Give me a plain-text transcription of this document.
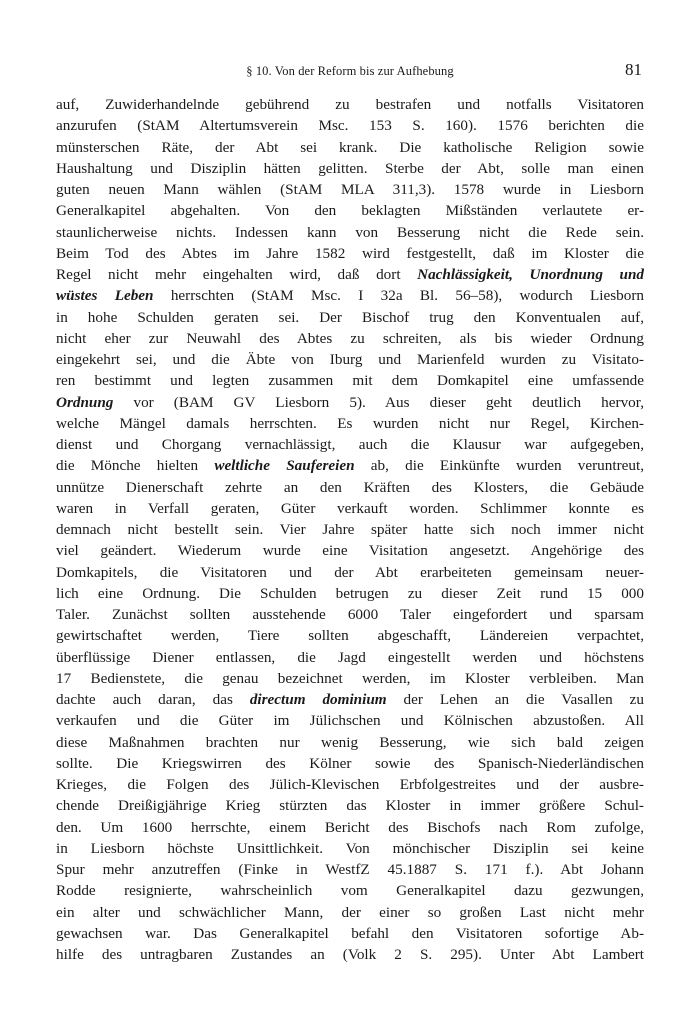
§ 10. Von der Reform bis zur Aufhebung	81
auf, Zuwiderhandelnde gebührend zu bestrafen und notfalls Visitatoren
anzurufen (StAM Altertumsverein Msc. 153 S. 160). 1576 berichten die
münsterschen Räte, der Abt sei krank. Die katholische Religion sowie
Haushaltung und Disziplin hätten gelitten. Sterbe der Abt, solle man einen
guten neuen Mann wählen (StAM MLA 311,3). 1578 wurde in Liesborn
Generalkapitel abgehalten. Von den beklagten Mißständen verlautete er-
staunlicherweise nichts. Indessen kann von Besserung nicht die Rede sein.
Beim Tod des Abtes im Jahre 1582 wird festgestellt, daß im Kloster die
Regel nicht mehr eingehalten wird, daß dort Nachlässigkeit, Unordnung und
wüstes Leben herrschten (StAM Msc. I 32a Bl. 56–58), wodurch Liesborn
in hohe Schulden geraten sei. Der Bischof trug den Konventualen auf,
nicht eher zur Neuwahl des Abtes zu schreiten, als bis wieder Ordnung
eingekehrt sei, und die Äbte von Iburg und Marienfeld wurden zu Visitato-
ren bestimmt und legten zusammen mit dem Domkapitel eine umfassende
Ordnung vor (BAM GV Liesborn 5). Aus dieser geht deutlich hervor,
welche Mängel damals herrschten. Es wurden nicht nur Regel, Kirchen-
dienst und Chorgang vernachlässigt, auch die Klausur war aufgegeben,
die Mönche hielten weltliche Saufereien ab, die Einkünfte wurden veruntreut,
unnütze Dienerschaft zehrte an den Kräften des Klosters, die Gebäude
waren in Verfall geraten, Güter verkauft worden. Schlimmer konnte es
demnach nicht bestellt sein. Vier Jahre später hatte sich noch immer nicht
viel geändert. Wiederum wurde eine Visitation angesetzt. Angehörige des
Domkapitels, die Visitatoren und der Abt erarbeiteten gemeinsam neuer-
lich eine Ordnung. Die Schulden betrugen zu dieser Zeit rund 15 000
Taler. Zunächst sollten ausstehende 6000 Taler eingefordert und sparsam
gewirtschaftet werden, Tiere sollten abgeschafft, Ländereien verpachtet,
überflüssige Diener entlassen, die Jagd eingestellt werden und höchstens
17 Bedienstete, die genau bezeichnet werden, im Kloster verbleiben. Man
dachte auch daran, das directum dominium der Lehen an die Vasallen zu
verkaufen und die Güter im Jülichschen und Kölnischen abzustoßen. All
diese Maßnahmen brachten nur wenig Besserung, wie sich bald zeigen
sollte. Die Kriegswirren des Kölner sowie des Spanisch-Niederländischen
Krieges, die Folgen des Jülich-Klevischen Erbfolgestreites und der ausbre-
chende Dreißigjährige Krieg stürzten das Kloster in immer größere Schul-
den. Um 1600 herrschte, einem Bericht des Bischofs nach Rom zufolge,
in Liesborn höchste Unsittlichkeit. Von mönchischer Disziplin sei keine
Spur mehr anzutreffen (Finke in WestfZ 45.1887 S. 171 f.). Abt Johann
Rodde resignierte, wahrscheinlich vom Generalkapitel dazu gezwungen,
ein alter und schwächlicher Mann, der einer so großen Last nicht mehr
gewachsen war. Das Generalkapitel befahl den Visitatoren sofortige Ab-
hilfe des untragbaren Zustandes an (Volk 2 S. 295). Unter Abt Lambert
